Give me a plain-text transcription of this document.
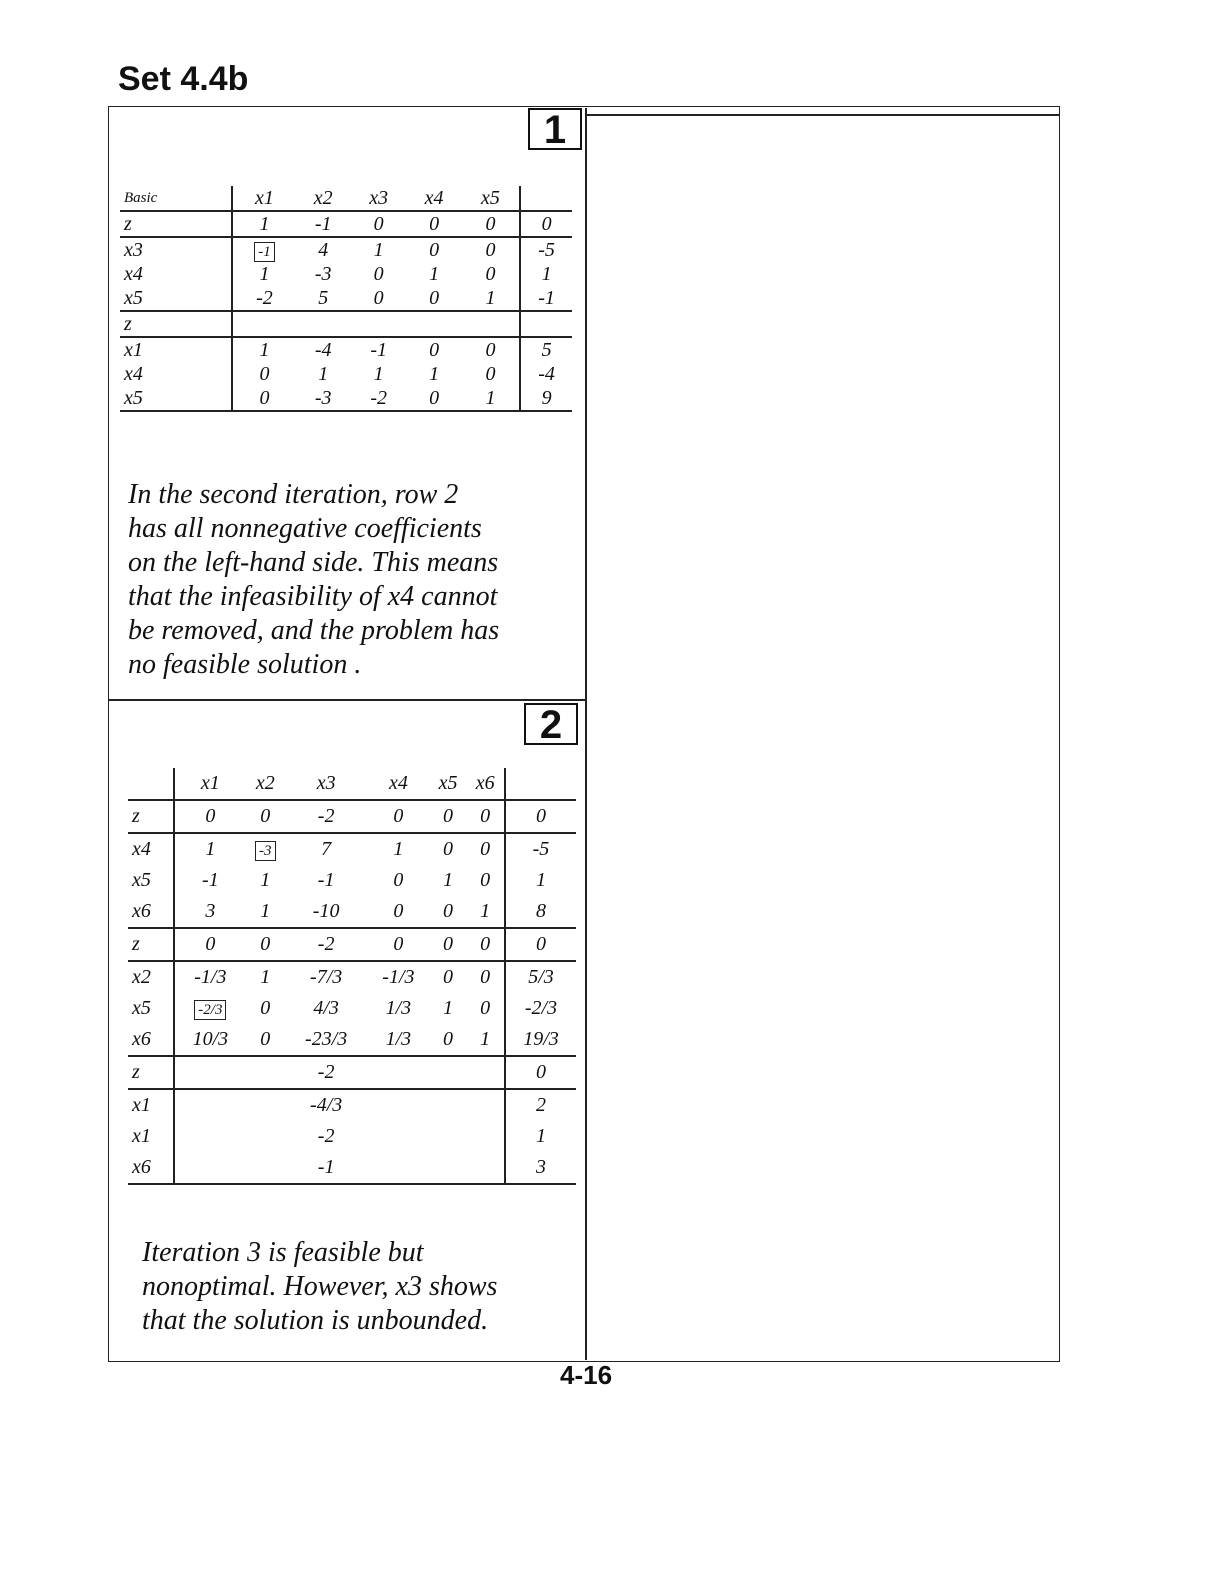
Set 4.4b
1
2
Basic	x1	x2	x3	x4	x5	
z	1	-1	0	0	0	0
x3	-1	4	1	0	0	-5
x4	1	-3	0	1	0	1
x5	-2	5	0	0	1	-1
z						
x1	1	-4	-1	0	0	5
x4	0	1	1	1	0	-4
x5	0	-3	-2	0	1	9
In the second iteration, row 2
has all nonnegative coefficients
on the left-hand side. This means
that the infeasibility of x4 cannot
be removed, and the problem has
no feasible solution .
	x1	x2	x3	x4	x5	x6	
z	0	0	-2	0	0	0	0
x4	1	-3	7	1	0	0	-5
x5	-1	1	-1	0	1	0	1
x6	3	1	-10	0	0	1	8
z	0	0	-2	0	0	0	0
x2	-1/3	1	-7/3	-1/3	0	0	5/3
x5	-2/3	0	4/3	1/3	1	0	-2/3
x6	10/3	0	-23/3	1/3	0	1	19/3
z			-2				0
x1			-4/3				2
x1			-2				1
x6			-1				3
Iteration 3 is feasible but
nonoptimal. However, x3 shows
that the solution is unbounded.
4-16
